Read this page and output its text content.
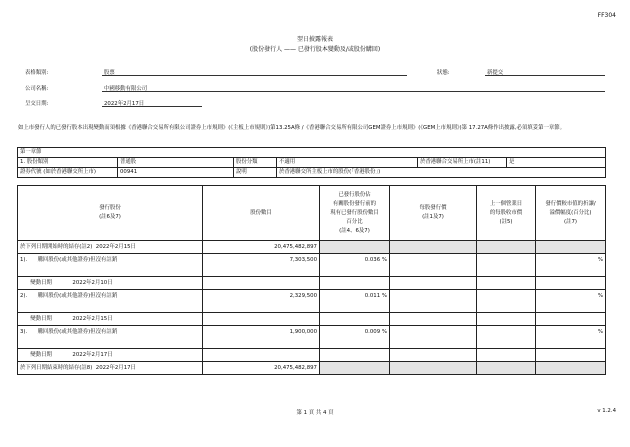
FF304
翌日披露報表
(股份發行人 —— 已發行股本變動及/或股份購回)
表格類別:	股票	狀態:	新提交
公司名稱:	中國移動有限公司
呈交日期:	2022年2月17日
如上市發行人的已發行股本出現變動而須根據《香港聯合交易所有限公司證券上市規則》(《主板上市規則》)第13.25A條 /《香港聯合交易所有限公司GEM證券上市規則》(《GEM上市規則》)第 17.27A條作出披露,必須填妥第一章節。
第一章節					
1. 股份類別	普通股	股份分類	不適用	於香港聯合交易所上市(註11)	是
證券代號 (如於香港聯交所上市)	00941	說明	於香港聯交所主板上市的股份(「香港股份」)		
發行股份
(註6及7)	股份數目	已發行股份佔
有關股份發行前的
現有已發行股份數目
百分比
(註4、6及7)	每股發行價
(註1及7)	上一個營業日
的每股收市價
(註5)	發行價較市值的折讓/
溢價幅度(百分比)
(註7)
於下列日期開始時的結存(註2) 2022年2月15日	20,475,482,897				
1). 購回股份(或其他證券)但沒有註銷	7,303,500	0.036 %			%
變動日期 2022年2月10日					
2). 購回股份(或其他證券)但沒有註銷	2,329,500	0.011 %			%
變動日期 2022年2月15日					
3). 購回股份(或其他證券)但沒有註銷	1,900,000	0.009 %			%
變動日期 2022年2月17日					
於下列日期結束時的結存(註8) 2022年2月17日	20,475,482,897				
第 1 頁 共 4 頁	v 1.2.4
